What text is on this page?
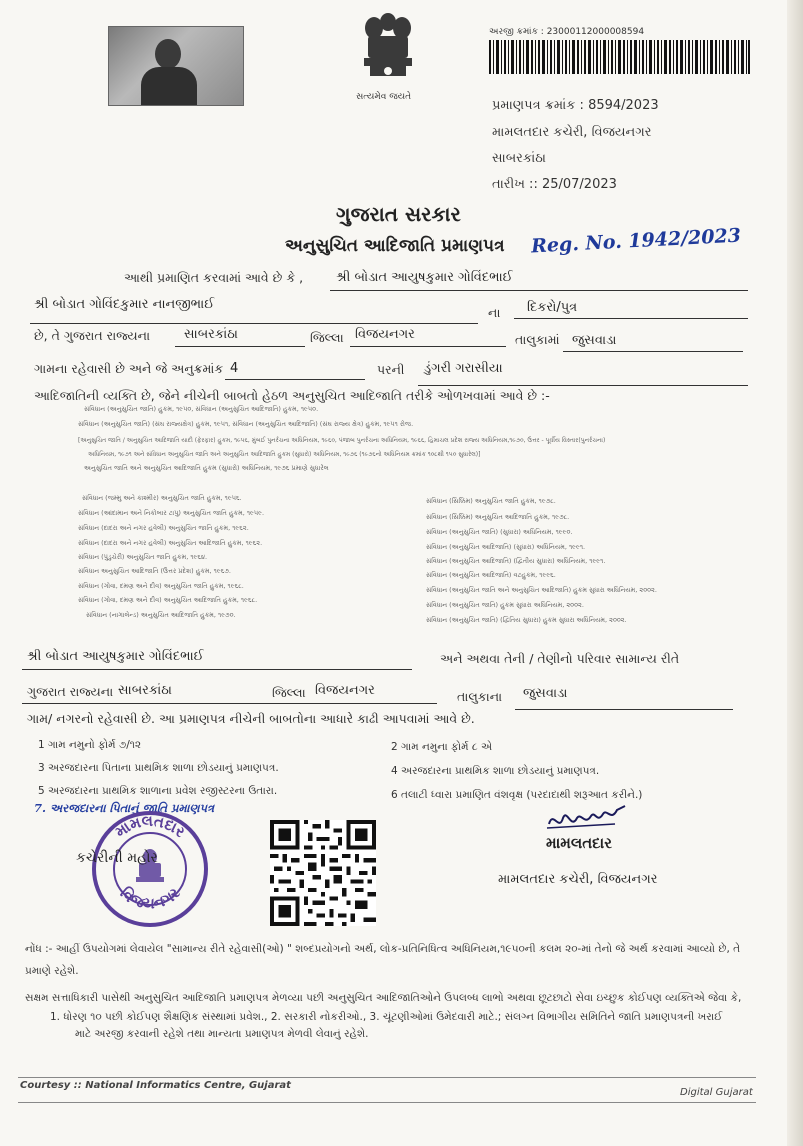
સત્યમેવ જયતે
અરજી ક્રમાંક : 23000112000008594
પ્રમાણપત્ર ક્રમાંક : 8594/2023
મામલતદાર કચેરી, વિજયનગર
સાબરકાંઠા
તારીખ :: 25/07/2023
ગુજરાત સરકાર
અનુસુચિત આદિજાતિ પ્રમાણપત્ર Reg. No. 1942/2023
આથી પ્રમાણિત કરવામાં આવે છે કે ,	શ્રી બોડાત આયુષકુમાર ગોવિંદભાઈ
શ્રી બોડાત ગોવિંદકુમાર નાનજીભાઈ
ના દિકરો/પુત્ર
છે, તે ગુજરાત રાજ્યના	સાબરકાંઠા	જિલ્લા વિજયનગર	તાલુકામાં જુસવાડા
ગામના રહેવાસી છે અને જે અનુક્રમાંક 4	પરની ડુંગરી ગરાસીયા
આદિજાતિની વ્યક્તિ છે, જેને નીચેની બાબતો હેઠળ અનુસુચિત આદિજાતિ તરીકે ઓળખવામાં આવે છે :-
સંવિધાન (અનુસુચિત જાતિ) હુકમ, ૧૯૫૦, સંવિધાન (અનુસુચિત આદિજાતિ) હુકમ, ૧૯૫૦.
સંવિધાન (અનુસુચિત જાતિ) (સંઘ રાજ્યક્ષેત્ર) હુકમ, ૧૯૫૧, સંવિધાન (અનુસુચિત આદિજાતિ) (સંઘ રાજ્ય ક્ષેત્ર) હુકમ, ૧૯૫૧ રોજ.
[અનુસુચિત જાતિ / અનુસુચિત આદિજાતિ યાદી (ફેરફાર) હુકમ, ૧૯૫૬, મુંબઈ પુનર્રચના અધિનિયમ, ૧૯૬૦, પંજાબ પુનર્રચના અધિનિયમ, ૧૯૬૬, હિમાચલ પ્રદેશ રાજ્ય અધિનિયમ,૧૯૭૦, ઉત્તર - પૂર્વીય વિસ્તાર(પુનર્રચના)
અધિનિયમ, ૧૯૭૧ અને સંવિધાન અનુસુચિત જાતિ અને અનુસુચિત આદિજાતિ હુકમ (સુધારો) અધિનિયમ, ૧૯૭૬ (૧૯૭૬નો અધિનિયમ ક્રમાંક ૧૦૮થી ૧૫૦ સુધારેલ)]
અનુસુચિત જાતિ અને અનુસુચિત આદિજાતિ હુકમ (સુધારો) અધિનિયમ, ૧૯૭૬ પ્રમાણે સુધારેલ
સંવિધાન (જમ્મુ અને કાશ્મીર) અનુસુચિત જાતિ હુકમ, ૧૯૫૬.
સંવિધાન (આંદામાન અને નિકોબાર ટાપુ) અનુસુચિત જાતિ હુકમ, ૧૯૫૯.
સંવિધાન (દાદરા અને નગર હવેલી) અનુસુચિત જાતિ હુકમ, ૧૯૬૨.
સંવિધાન (દાદરા અને નગર હવેલી) અનુસુચિત આદિજાતિ હુકમ, ૧૯૬૨.
સંવિધાન (પુંડુચેરી) અનુસુચિત જાતિ હુકમ, ૧૯૬૪.
સંવિધાન અનુસુચિત આદિજાતિ (ઉત્તર પ્રદેશ) હુકમ, ૧૯૬૭.
સંવિધાન (ગોવા, દમણ અને દીવ) અનુસુચિત જાતિ હુકમ, ૧૯૬૮.
સંવિધાન (ગોવા, દમણ અને દીવ) અનુસુચિત આદિજાતિ હુકમ, ૧૯૬૮.
સંવિધાન (નાગાલેન્ડ) અનુસુચિત આદિજાતિ હુકમ, ૧૯૭૦.
સંવિધાન (સિક્કિમ) અનુસુચિત જાતિ હુકમ, ૧૯૭૮.
સંવિધાન (સિક્કિમ) અનુસુચિત આદિજાતિ હુકમ, ૧૯૭૮.
સંવિધાન (અનુસુચિત જાતિ) (સુધારા) અધિનિયમ, ૧૯૯૦.
સંવિધાન (અનુસુચિત આદિજાતિ) (સુધારા) અધિનિયમ, ૧૯૯૧.
સંવિધાન (અનુસુચિત આદિજાતિ) (દ્વિતીય સુધારા) અધિનિયમ, ૧૯૯૧.
સંવિધાન (અનુસુચિત આદિજાતિ) વટહુકમ, ૧૯૯૬.
સંવિધાન (અનુસુચિત જાતિ અને અનુસુચિત આદિજાતિ) હુકમ સુધારા અધિનિયમ, ૨૦૦૨.
સંવિધાન (અનુસુચિત જાતિ) હુકમ સુધારા અધિનિયમ, ૨૦૦૨.
સંવિધાન (અનુસુચિત જાતિ) (દ્વિતિય સુધારા) હુકમ સુધારા અધિનિયમ, ૨૦૦૨.
શ્રી બોડાત આયુષકુમાર ગોવિંદભાઈ	અને અથવા તેની / તેણીનો પરિવાર સામાન્ય રીતે
ગુજરાત રાજ્યના સાબરકાંઠા	જિલ્લા વિજયનગર	તાલુકાના જુસવાડા
ગામ/ નગરનો રહેવાસી છે. આ પ્રમાણપત્ર નીચેની બાબતોના આધારે કાઢી આપવામાં આવે છે.
1 ગામ નમુનો ફોર્મ ૭/૧૨	2 ગામ નમુના ફોર્મ ૮ એ
3 અરજદારના પિતાના પ્રાથમિક શાળા છોડયાનું પ્રમાણપત્ર.	4 અરજદારના પ્રાથમિક શાળા છોડયાનું પ્રમાણપત્ર.
5 અરજદારના પ્રાથમિક શાળાના પ્રવેશ રજીસ્ટરના ઉતારા.	6 તલાટી ધ્વારા પ્રમાણિત વંશવૃક્ષ (પરદાદાથી શરૂઆત કરીને.)
7. અરજદારના પિતાનું જાતિ પ્રમાણપત્ર
મામલતદાર
વિજયનગર
કચેરીની મહોર
મામલતદાર
મામલતદાર કચેરી, વિજયનગર
નોંધ :- આહીં ઉપયોગમાં લેવાયેલ "સામાન્ય રીતે રહેવાસી(ઓ) " શબ્દપ્રયોગનો અર્થ, લોક-પ્રતિનિધિત્વ અધિનિયમ,૧૯૫૦ની કલમ ૨૦-માં તેનો જે અર્થ કરવામાં આવ્યો છે, તે
પ્રમાણે રહેશે.
સક્ષમ સત્તાધિકારી પાસેથી અનુસુચિત આદિજાતિ પ્રમાણપત્ર મેળવ્યા પછી અનુસુચિત આદિજાતિઓને ઉપલબ્ધ લાભો અથવા છૂટછાટો સેવા ઇચ્છુક કોઈપણ વ્યક્તિએ જેવા કે,
1. ધોરણ ૧૦ પછી કોઈપણ શૈક્ષણિક સંસ્થામાં પ્રવેશ., 2. સરકારી નોકરીઓ., 3. ચૂંટણીઓમાં ઉમેદવારી માટે.; સંલગ્ન વિભાગીય સમિતિને જાતિ પ્રમાણપત્રની ખરાઈ
માટે અરજી કરવાની રહેશે તથા માન્યતા પ્રમાણપત્ર મેળવી લેવાનું રહેશે.
Courtesy :: National Informatics Centre, Gujarat
Digital Gujarat
